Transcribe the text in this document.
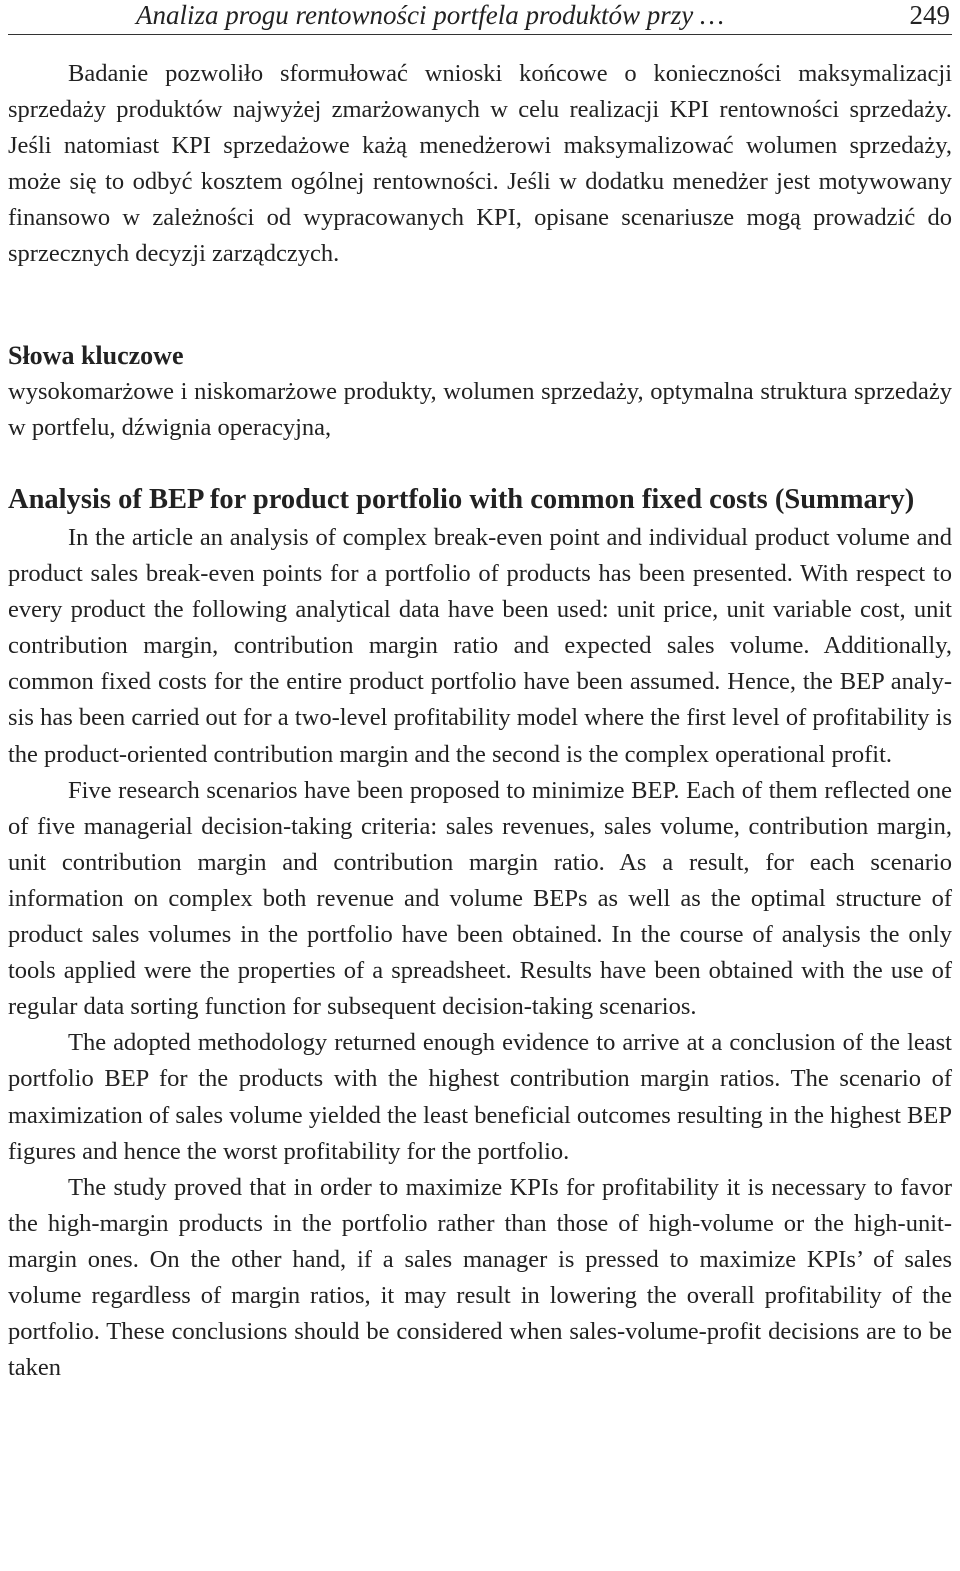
Analiza progu rentowności portfela produktów przy …	249

Badanie pozwoliło sformułować wnioski końcowe o konieczności maksymalizacji sprzedaży produktów najwyżej zmarżowanych w celu realizacji KPI rentowności sprzedaży. Jeśli natomiast KPI sprzedażowe każą menedżerowi maksymalizować wolumen sprzedaży, może się to odbyć kosztem ogólnej rentowności. Jeśli w dodatku menedżer jest motywowany finansowo w zależności od wypracowanych KPI, opisane scenariusze mogą prowadzić do sprzecznych decyzji zarządczych.

Słowa kluczowe

wysokomarżowe i niskomarżowe produkty, wolumen sprzedaży, optymalna struktura sprzedaży w portfelu, dźwignia operacyjna,

Analysis of BEP for product portfolio with common fixed costs (Summary)

In the article an analysis of complex break-even point and individual product volume and product sales break-even points for a portfolio of products has been presented. With respect to every product the following analytical data have been used: unit price, unit variable cost, unit contribution margin, contribution margin ratio and expected sales volume. Additionally, common fixed costs for the entire product portfolio have been assumed. Hence, the BEP analysis has been carried out for a two-level profitability model where the first level of profitability is the product-oriented contribution margin and the second is the complex operational profit.

Five research scenarios have been proposed to minimize BEP. Each of them reflected one of five managerial decision-taking criteria: sales revenues, sales volume, contribution margin, unit contribution margin and contribution margin ratio. As a result, for each scenario information on complex both revenue and volume BEPs as well as the optimal structure of product sales volumes in the portfolio have been obtained. In the course of analysis the only tools applied were the properties of a spreadsheet. Results have been obtained with the use of regular data sorting function for subsequent decision-taking scenarios.

The adopted methodology returned enough evidence to arrive at a conclusion of the least portfolio BEP for the products with the highest contribution margin ratios. The scenario of maximization of sales volume yielded the least beneficial outcomes resulting in the highest BEP figures and hence the worst profitability for the portfolio.

The study proved that in order to maximize KPIs for profitability it is necessary to favor the high-margin products in the portfolio rather than those of high-volume or the high-unit-margin ones. On the other hand, if a sales manager is pressed to maximize KPIs’ of sales volume regardless of margin ratios, it may result in lowering the overall profitability of the portfolio. These conclusions should be considered when sales-volume-profit decisions are to be taken
